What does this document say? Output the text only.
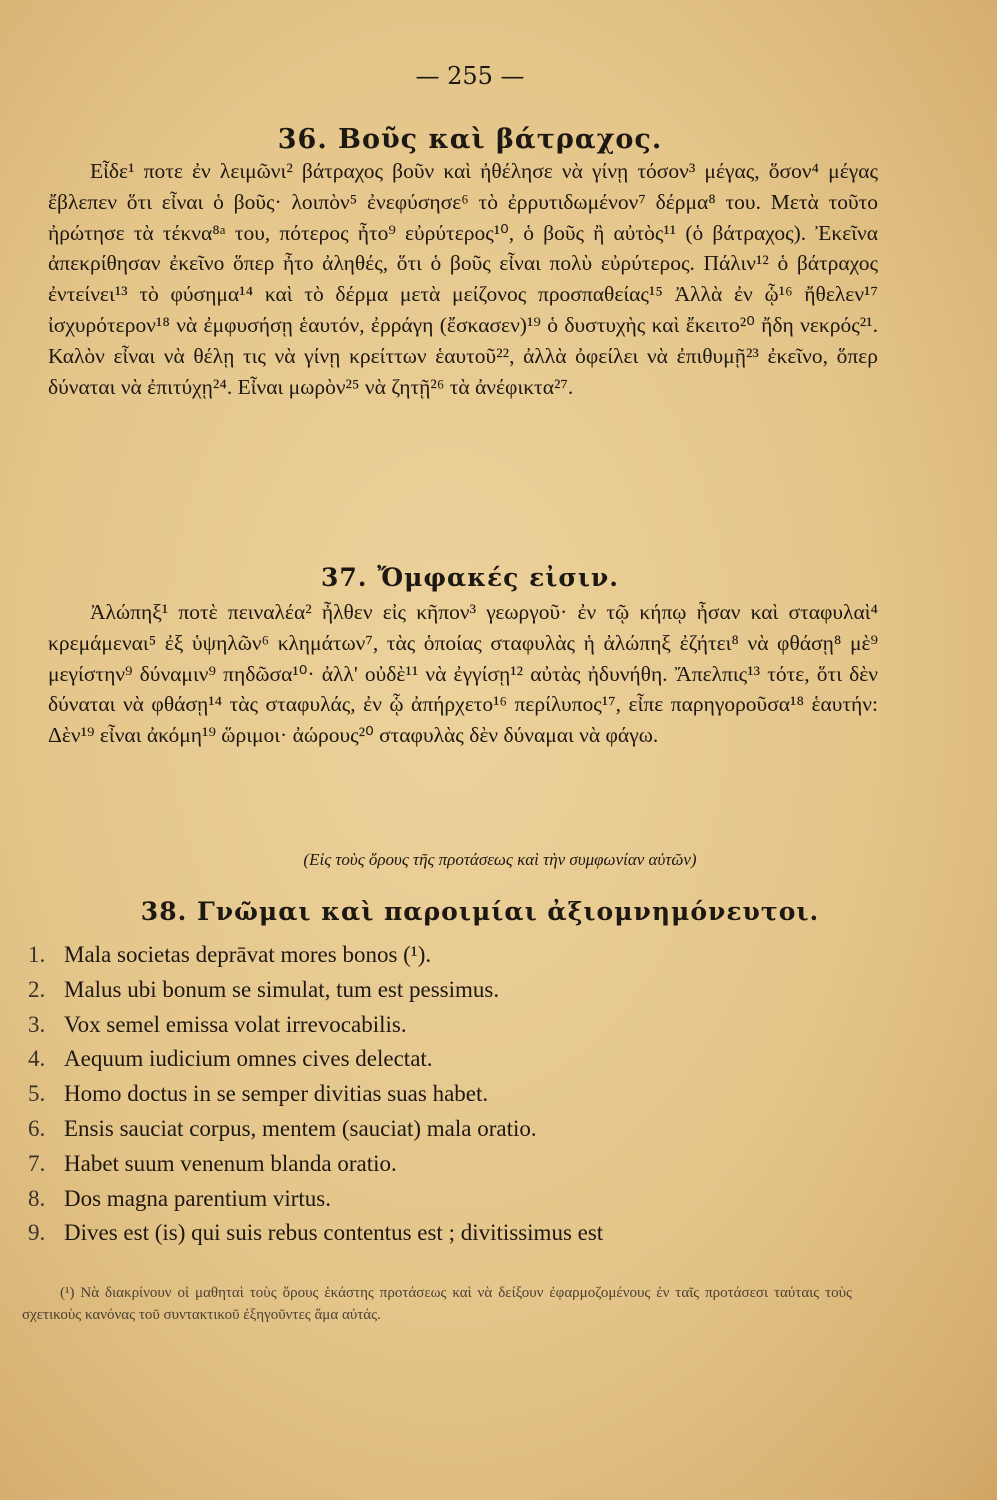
— 255 —
36. Βοῦς καὶ βάτραχος.
Εἶδε¹ ποτε ἐν λειμῶνι² βάτραχος βοῦν καὶ ἠθέλησε νὰ γίνῃ τόσον³ μέγας, ὅσον⁴ μέγας ἔβλεπεν ὅτι εἶναι ὁ βοῦς· λοιπὸν⁵ ἐνεφύσησε⁶ τὸ ἐρρυτιδωμένον⁷ δέρμα⁸ του. Μετὰ τοῦτο ἠρώτησε τὰ τέκνα⁸ᵃ του, πότερος ἦτο⁹ εὐρύτερος¹⁰, ὁ βοῦς ἢ αὐτὸς¹¹ (ὁ βάτραχος). Ἐκεῖνα ἀπεκρίθησαν ἐκεῖνο ὅπερ ἦτο ἀληθές, ὅτι ὁ βοῦς εἶναι πολὺ εὐρύτερος. Πάλιν¹² ὁ βάτραχος ἐντείνει¹³ τὸ φύσημα¹⁴ καὶ τὸ δέρμα μετὰ μείζονος προσπαθείας¹⁵ Ἀλλὰ ἐν ᾧ¹⁶ ἤθελεν¹⁷ ἰσχυρότερον¹⁸ νὰ ἐμφυσήσῃ ἑαυτόν, ἐρράγη (ἔσκασεν)¹⁹ ὁ δυστυχὴς καὶ ἔκειτο²⁰ ἤδη νεκρός²¹. Καλὸν εἶναι νὰ θέλῃ τις νὰ γίνῃ κρείττων ἑαυτοῦ²², ἀλλὰ ὀφείλει νὰ ἐπιθυμῇ²³ ἐκεῖνο, ὅπερ δύναται νὰ ἐπιτύχῃ²⁴. Εἶναι μωρὸν²⁵ νὰ ζητῇ²⁶ τὰ ἀνέφικτα²⁷.
37. Ὄμφακές εἰσιν.
Ἀλώπηξ¹ ποτὲ πειναλέα² ἦλθεν εἰς κῆπον³ γεωργοῦ· ἐν τῷ κήπῳ ἦσαν καὶ σταφυλαὶ⁴ κρεμάμεναι⁵ ἐξ ὑψηλῶν⁶ κλημάτων⁷, τὰς ὁποίας σταφυλὰς ἡ ἀλώπηξ ἐζήτει⁸ νὰ φθάσῃ⁸ μὲ⁹ μεγίστην⁹ δύναμιν⁹ πηδῶσα¹⁰· ἀλλ' οὐδὲ¹¹ νὰ ἐγγίσῃ¹² αὐτὰς ἠδυνήθη. Ἄπελπις¹³ τότε, ὅτι δὲν δύναται νὰ φθάσῃ¹⁴ τὰς σταφυλάς, ἐν ᾧ ἀπήρχετο¹⁶ περίλυπος¹⁷, εἶπε παρηγοροῦσα¹⁸ ἑαυτήν: Δὲν¹⁹ εἶναι ἀκόμη¹⁹ ὥριμοι· ἀώρους²⁰ σταφυλὰς δὲν δύναμαι νὰ φάγω.
(Εἰς τοὺς ὅρους τῆς προτάσεως καὶ τὴν συμφωνίαν αὐτῶν)
38. Γνῶμαι καὶ παροιμίαι ἀξιομνημόνευτοι.
1. Mala societas deprāvat mores bonos (¹).
2. Malus ubi bonum se simulat, tum est pessimus.
3. Vox semel emissa volat irrevocabilis.
4. Aequum iudicium omnes cives delectat.
5. Homo doctus in se semper divitias suas habet.
6. Ensis sauciat corpus, mentem (sauciat) mala oratio.
7. Habet suum venenum blanda oratio.
8. Dos magna parentium virtus.
9. Dives est (is) qui suis rebus contentus est ; divitissimus est
(¹) Νὰ διακρίνουν οἱ μαθηταὶ τοὺς ὅρους ἑκάστης προτάσεως καὶ νὰ δείξουν ἐφαρμοζομένους ἐν ταῖς προτάσεσι ταύταις τοὺς σχετικοὺς κανόνας τοῦ συντακτικοῦ ἐξηγοῦντες ἅμα αὐτάς.
